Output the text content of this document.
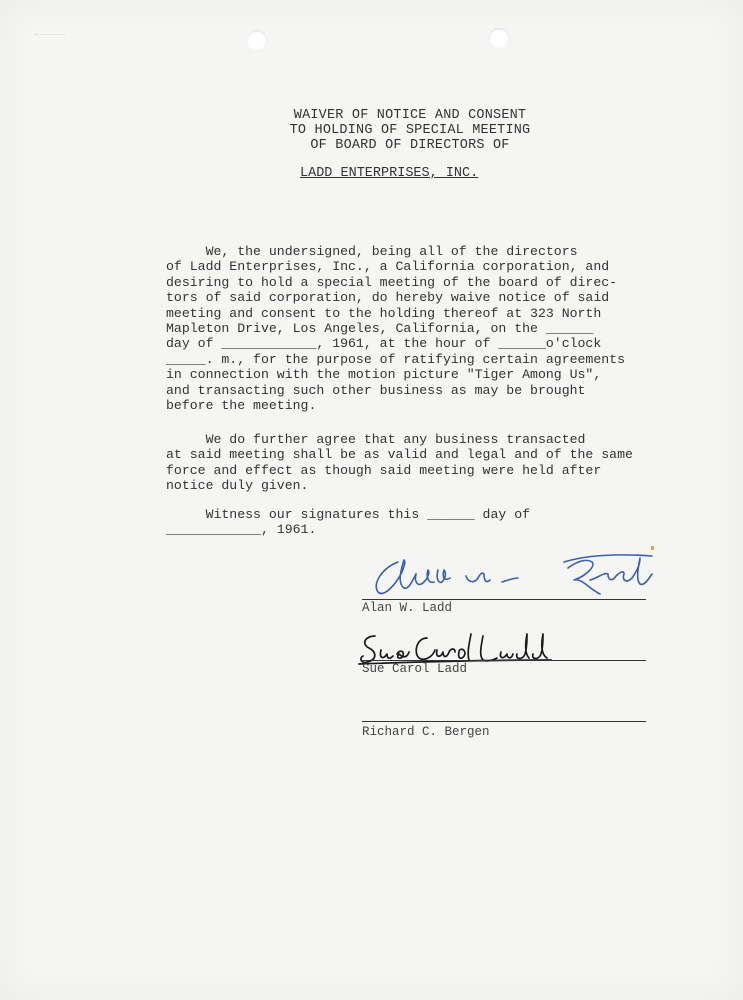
WAIVER OF NOTICE AND CONSENT
TO HOLDING OF SPECIAL MEETING
OF BOARD OF DIRECTORS OF
LADD ENTERPRISES, INC.
We, the undersigned, being all of the directors
of Ladd Enterprises, Inc., a California corporation, and
desiring to hold a special meeting of the board of direc-
tors of said corporation, do hereby waive notice of said
meeting and consent to the holding thereof at 323 North
Mapleton Drive, Los Angeles, California, on the ______
day of ____________, 1961, at the hour of ______o'clock
_____. m., for the purpose of ratifying certain agreements
in connection with the motion picture "Tiger Among Us",
and transacting such other business as may be brought
before the meeting.
We do further agree that any business transacted
at said meeting shall be as valid and legal and of the same
force and effect as though said meeting were held after
notice duly given.
Witness our signatures this ______ day of
____________, 1961.
Alan W. Ladd
Sue Carol Ladd
Richard C. Bergen
